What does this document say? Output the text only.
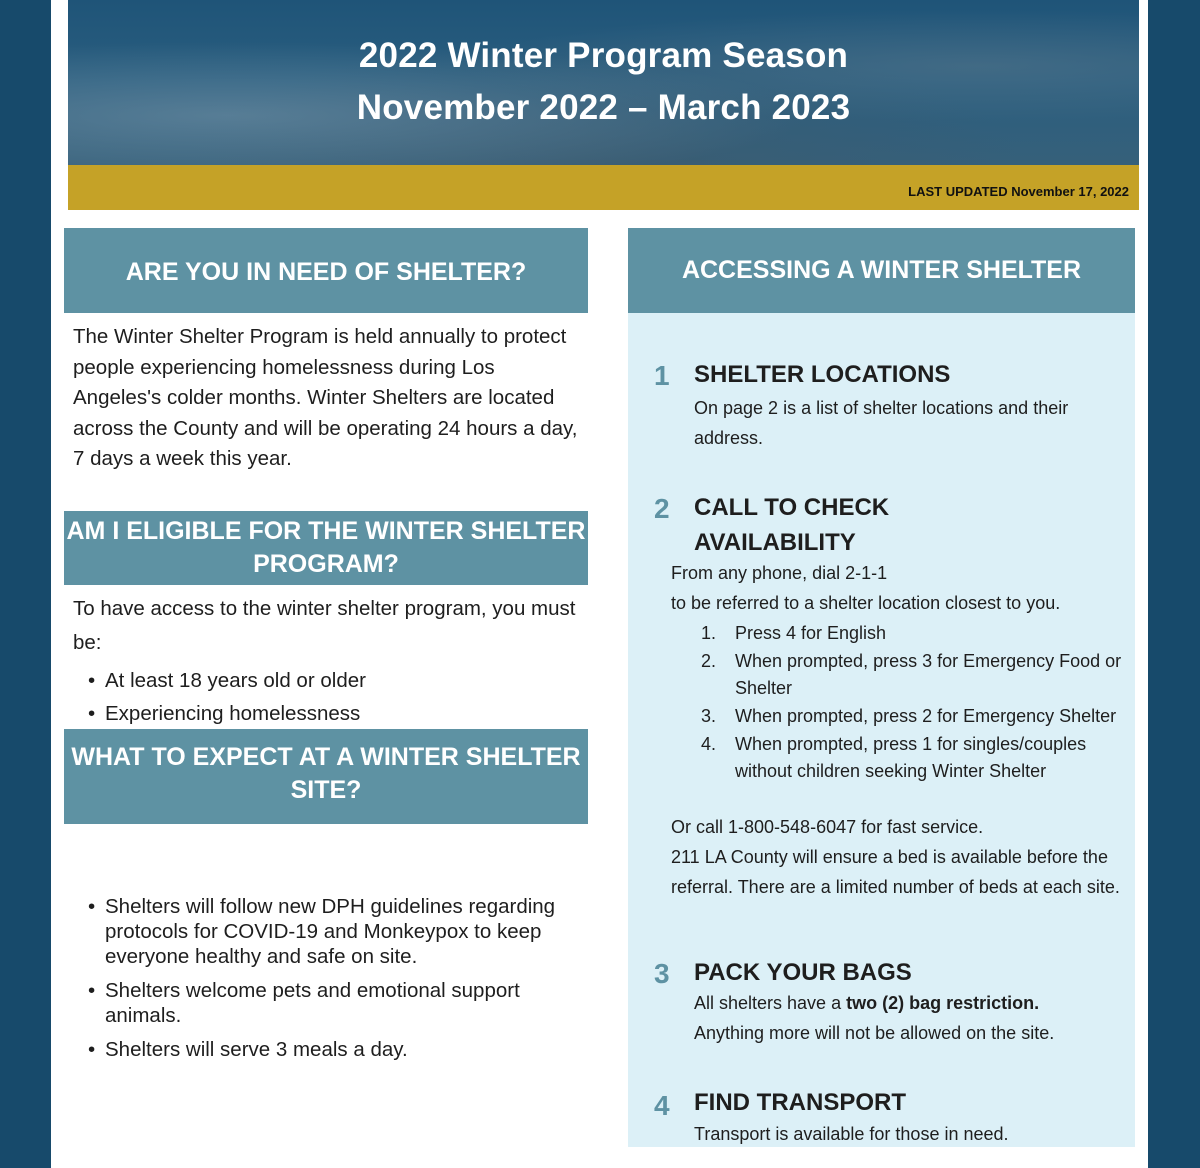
2022 Winter Program Season
November 2022 – March 2023
LAST UPDATED November 17, 2022
ARE YOU IN NEED OF SHELTER?
The Winter Shelter Program is held annually to protect people experiencing homelessness during Los Angeles's colder months. Winter Shelters are located across the County and will be operating 24 hours a day, 7 days a week this year.
AM I ELIGIBLE FOR THE WINTER SHELTER PROGRAM?
To have access to the winter shelter program, you must be:
• At least 18 years old or older
• Experiencing homelessness
WHAT TO EXPECT AT A WINTER SHELTER SITE?
• Shelters will follow new DPH guidelines regarding protocols for COVID-19 and Monkeypox to keep everyone healthy and safe on site.
• Shelters welcome pets and emotional support animals.
• Shelters will serve 3 meals a day.
ACCESSING A WINTER SHELTER
1 SHELTER LOCATIONS
On page 2 is a list of shelter locations and their address.
2 CALL TO CHECK AVAILABILITY
From any phone, dial 2-1-1
to be referred to a shelter location closest to you.
1. Press 4 for English
2. When prompted, press 3 for Emergency Food or Shelter
3. When prompted, press 2 for Emergency Shelter
4. When prompted, press 1 for singles/couples without children seeking Winter Shelter
Or call 1-800-548-6047 for fast service.
211 LA County will ensure a bed is available before the referral. There are a limited number of beds at each site.
3 PACK YOUR BAGS
All shelters have a two (2) bag restriction.
Anything more will not be allowed on the site.
4 FIND TRANSPORT
Transport is available for those in need.
